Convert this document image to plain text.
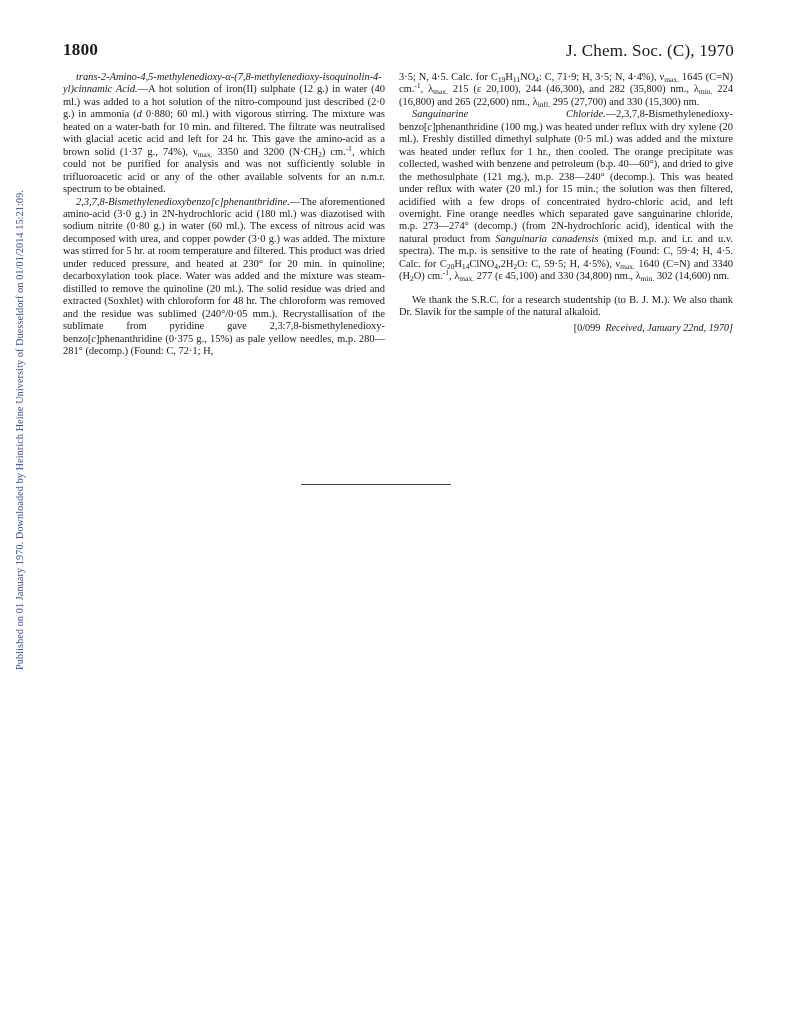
Published on 01 January 1970. Downloaded by Heinrich Heine University of Duesseldorf on 01/01/2014 15:21:09.
1800	J. Chem. Soc. (C), 1970

trans-2-Amino-4,5-methylenedioxy-α-(7,8-methylenedioxy-isoquinolin-4-yl)cinnamic Acid.—A hot solution of iron(II) sulphate (12 g.) in water (40 ml.) was added to a hot solution of the nitro-compound just described (2·0 g.) in ammonia (d 0·880; 60 ml.) with vigorous stirring. The mixture was heated on a water-bath for 10 min. and filtered. The filtrate was neutralised with glacial acetic acid and left for 24 hr. This gave the amino-acid as a brown solid (1·37 g., 74%), $\nu_{max.}$ 3350 and 3200 $(N\cdot CH_2)$ cm.$^{-1}$, which could not be purified for analysis and was not sufficiently soluble in trifluoroacetic acid or any of the other available solvents for an n.m.r. spectrum to be obtained.

2,3,7,8-Bismethylenedioxybenzo[c]phenanthridine.—The aforementioned amino-acid (3·0 g.) in 2N-hydrochloric acid (180 ml.) was diazotised with sodium nitrite (0·80 g.) in water (60 ml.). The excess of nitrous acid was decomposed with urea, and copper powder (3·0 g.) was added. The mixture was stirred for 5 hr. at room temperature and filtered. This product was dried under reduced pressure, and heated at 230° for 20 min. in quinoline; decarboxylation took place. Water was added and the mixture was steam-distilled to remove the quinoline (20 ml.). The solid residue was dried and extracted (Soxhlet) with chloroform for 48 hr. The chloroform was removed and the residue was sublimed (240°/0·05 mm.). Recrystallisation of the sublimate from pyridine gave 2,3:7,8-bismethylenedioxy-benzo[c]phenanthridine (0·375 g., 15%) as pale yellow needles, m.p. 280—281° (decomp.) (Found: C, 72·1; H,

3·5; N, 4·5. Calc. for $C_{19}H_{11}NO_4$: C, 71·9; H, 3·5; N, 4·4%), $\nu_{max.}$ 1645 (C=N) cm.$^{-1}$, $\lambda_{max.}$ 215 (ε 20,100), 244 (46,300), and 282 (35,800) nm., $\lambda_{min.}$ 224 (16,800) and 265 (22,600) nm., $\lambda_{infl.}$ 295 (27,700) and 330 (15,300) nm.

Sanguinarine Chloride.—2,3,7,8-Bismethylenedioxy-benzo[c]phenanthridine (100 mg.) was heated under reflux with dry xylene (20 ml.). Freshly distilled dimethyl sulphate (0·5 ml.) was added and the mixture was heated under reflux for 1 hr., then cooled. The orange precipitate was collected, washed with benzene and petroleum (b.p. 40—60°), and dried to give the methosulphate (121 mg.), m.p. 238—240° (decomp.). This was heated under reflux with water (20 ml.) for 15 min.; the solution was then filtered, acidified with a few drops of concentrated hydro-chloric acid, and left overnight. Fine orange needles which separated gave sanguinarine chloride, m.p. 273—274° (decomp.) (from 2N-hydrochloric acid), identical with the natural product from Sanguinaria canadensis (mixed m.p. and i.r. and u.v. spectra). The m.p. is sensitive to the rate of heating (Found: C, 59·4; H, 4·5. Calc. for $C_{20}H_{14}ClNO_4,2H_2O$: C, 59·5; H, 4·5%), $\nu_{max.}$ 1640 (C=N) and 3340 $(H_2O)$ cm.$^{-1}$, $\lambda_{max.}$ 277 (ε 45,100) and 330 (34,800) nm., $\lambda_{min.}$ 302 (14,600) nm.

We thank the S.R.C. for a research studentship (to B. J. M.). We also thank Dr. Slavik for the sample of the natural alkaloid.

[0/099 Received, January 22nd, 1970]
